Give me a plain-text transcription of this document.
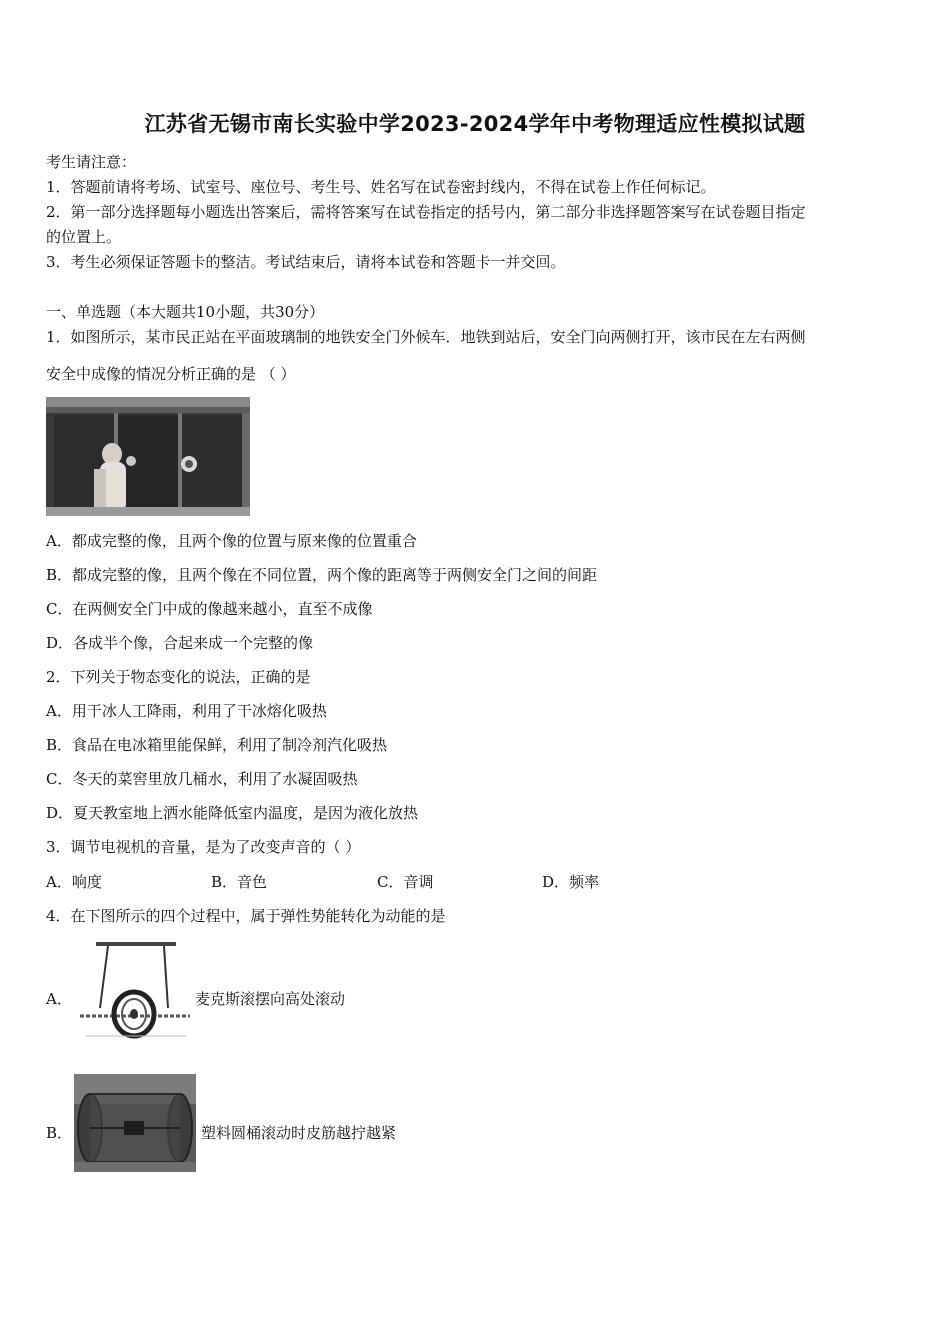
江苏省无锡市南长实验中学2023-2024学年中考物理适应性模拟试题
考生请注意：
1．答题前请将考场、试室号、座位号、考生号、姓名写在试卷密封线内，不得在试卷上作任何标记。
2．第一部分选择题每小题选出答案后，需将答案写在试卷指定的括号内，第二部分非选择题答案写在试卷题目指定
的位置上。
3．考生必须保证答题卡的整洁。考试结束后，请将本试卷和答题卡一并交回。
一、单选题（本大题共10小题，共30分）
1．如图所示，某市民正站在平面玻璃制的地铁安全门外候车．地铁到站后，安全门向两侧打开，该市民在左右两侧
安全中成像的情况分析正确的是 （ ）
A．都成完整的像，且两个像的位置与原来像的位置重合
B．都成完整的像，且两个像在不同位置，两个像的距离等于两侧安全门之间的间距
C．在两侧安全门中成的像越来越小，直至不成像
D．各成半个像，合起来成一个完整的像
2．下列关于物态变化的说法，正确的是
A．用干冰人工降雨，利用了干冰熔化吸热
B．食品在电冰箱里能保鲜，利用了制冷剂汽化吸热
C．冬天的菜窖里放几桶水，利用了水凝固吸热
D．夏天教室地上洒水能降低室内温度，是因为液化放热
3．调节电视机的音量，是为了改变声音的（ ）
A．响度	B．音色	C．音调	D．频率
4．在下图所示的四个过程中，属于弹性势能转化为动能的是
A．	麦克斯滚摆向高处滚动
B．	塑料圆桶滚动时皮筋越拧越紧
